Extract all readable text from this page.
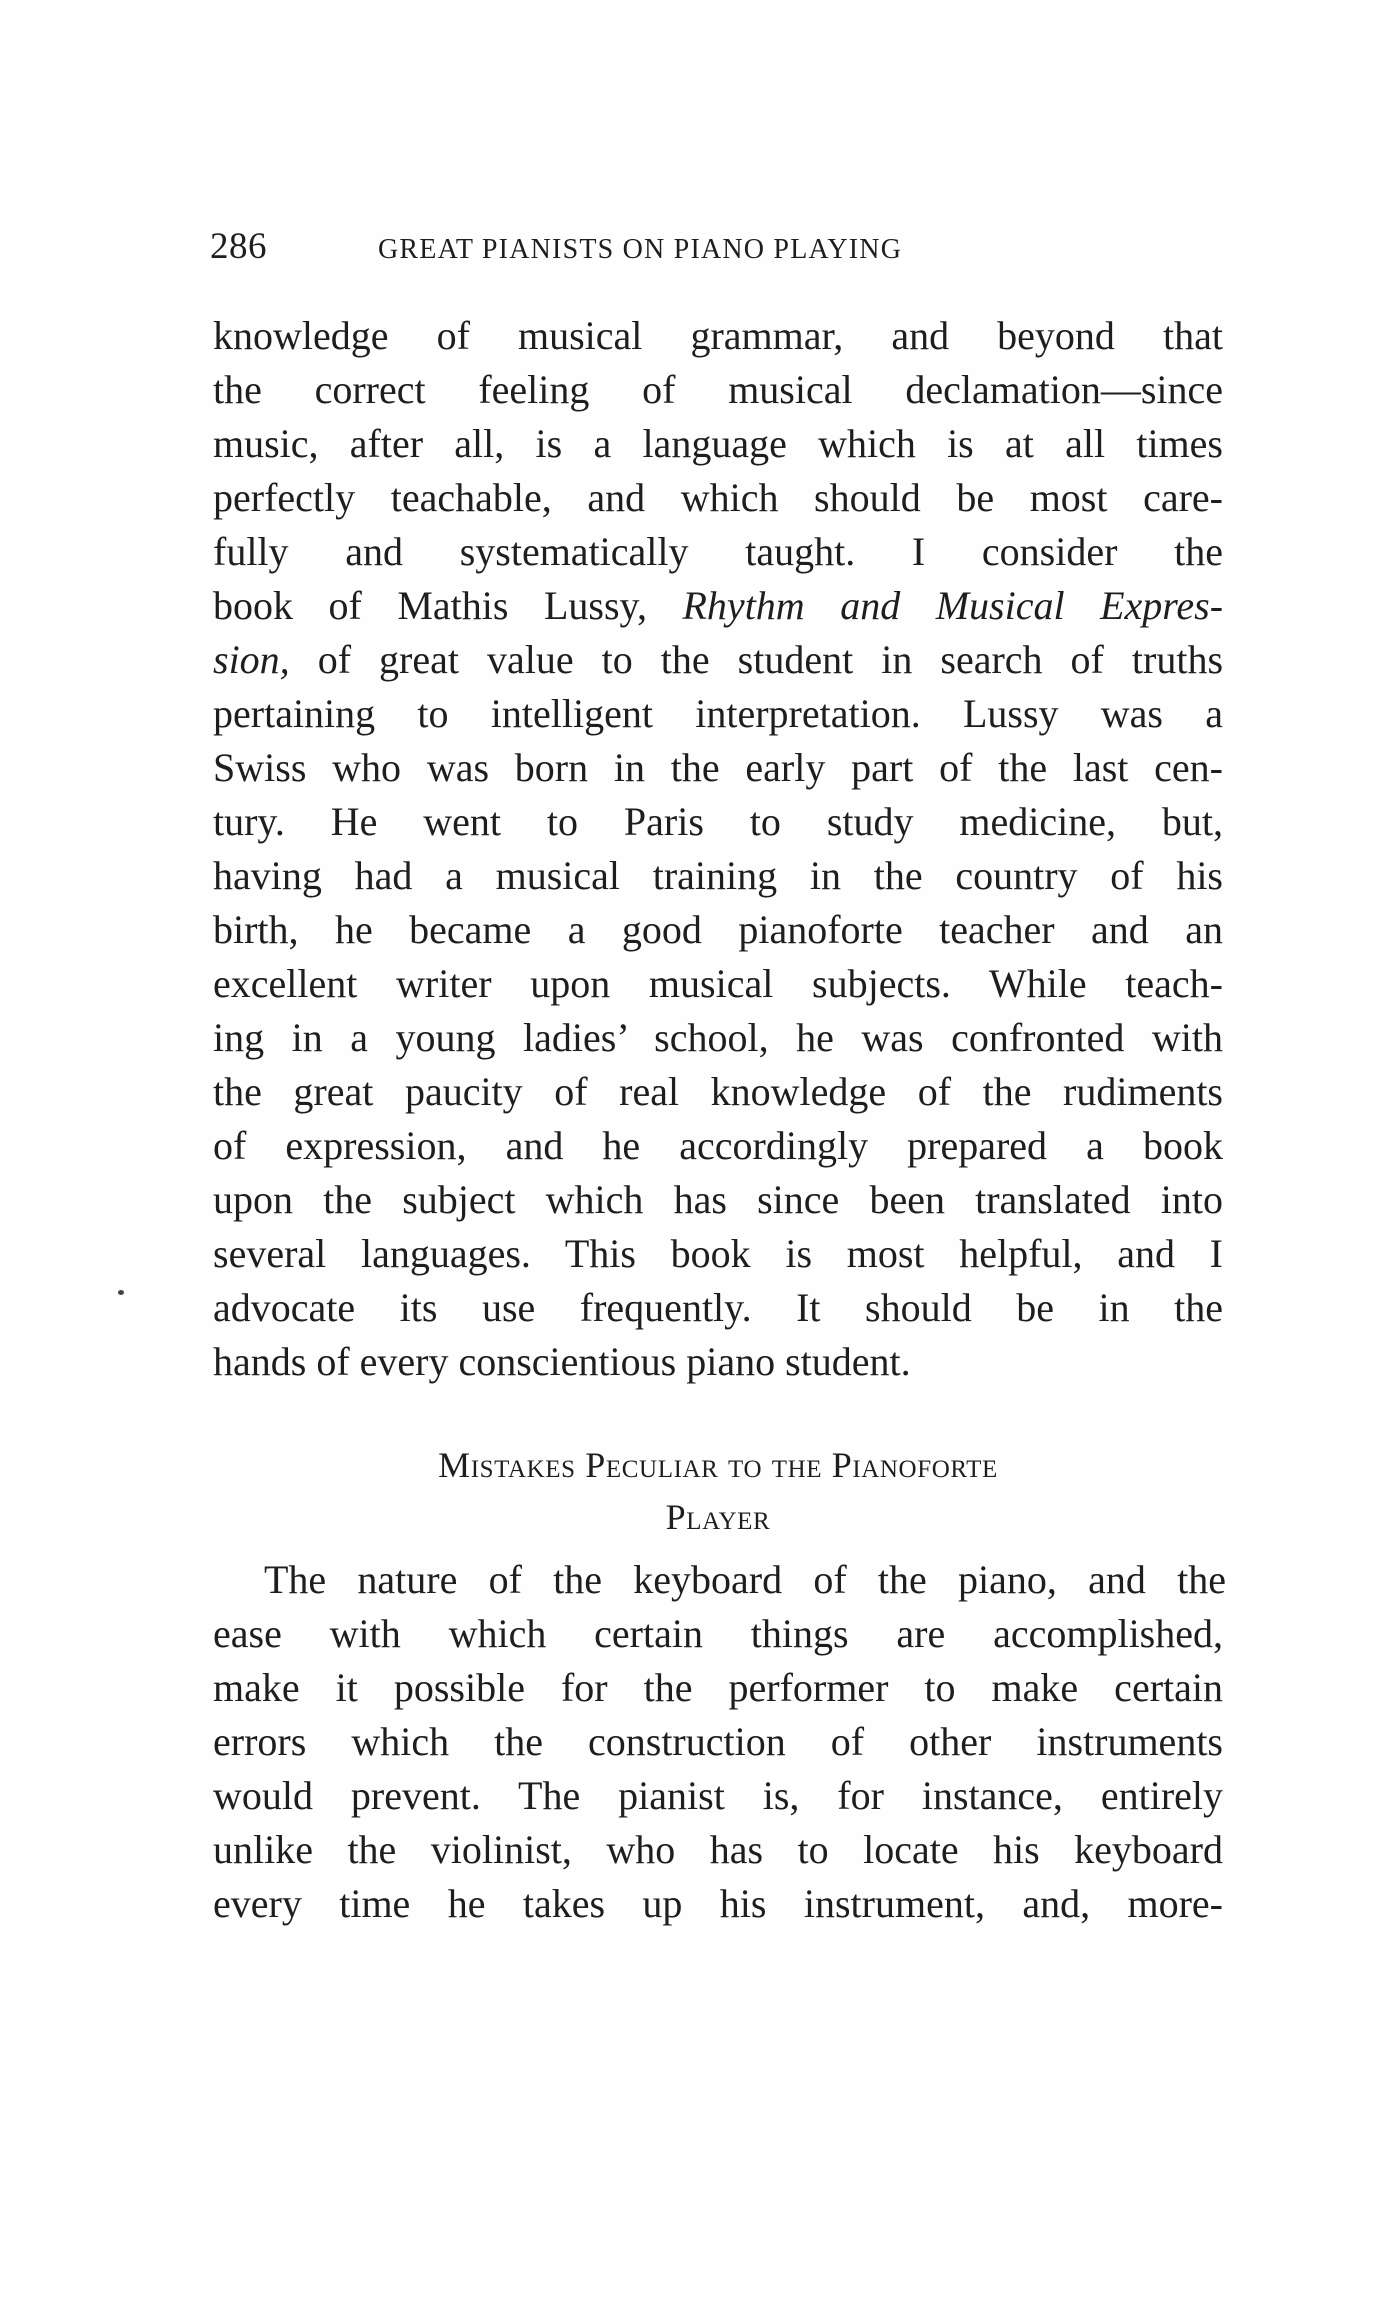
286	GREAT PIANISTS ON PIANO PLAYING
knowledge of musical grammar, and beyond that
the correct feeling of musical declamation—since
music, after all, is a language which is at all times
perfectly teachable, and which should be most care-
fully and systematically taught. I consider the
book of Mathis Lussy, Rhythm and Musical Expres-
sion, of great value to the student in search of truths
pertaining to intelligent interpretation. Lussy was a
Swiss who was born in the early part of the last cen-
tury. He went to Paris to study medicine, but,
having had a musical training in the country of his
birth, he became a good pianoforte teacher and an
excellent writer upon musical subjects. While teach-
ing in a young ladies’ school, he was confronted with
the great paucity of real knowledge of the rudiments
of expression, and he accordingly prepared a book
upon the subject which has since been translated into
several languages. This book is most helpful, and I
advocate its use frequently. It should be in the
hands of every conscientious piano student.
Mistakes Peculiar to the Pianoforte
Player
The nature of the keyboard of the piano, and the
ease with which certain things are accomplished,
make it possible for the performer to make certain
errors which the construction of other instruments
would prevent. The pianist is, for instance, entirely
unlike the violinist, who has to locate his keyboard
every time he takes up his instrument, and, more-
